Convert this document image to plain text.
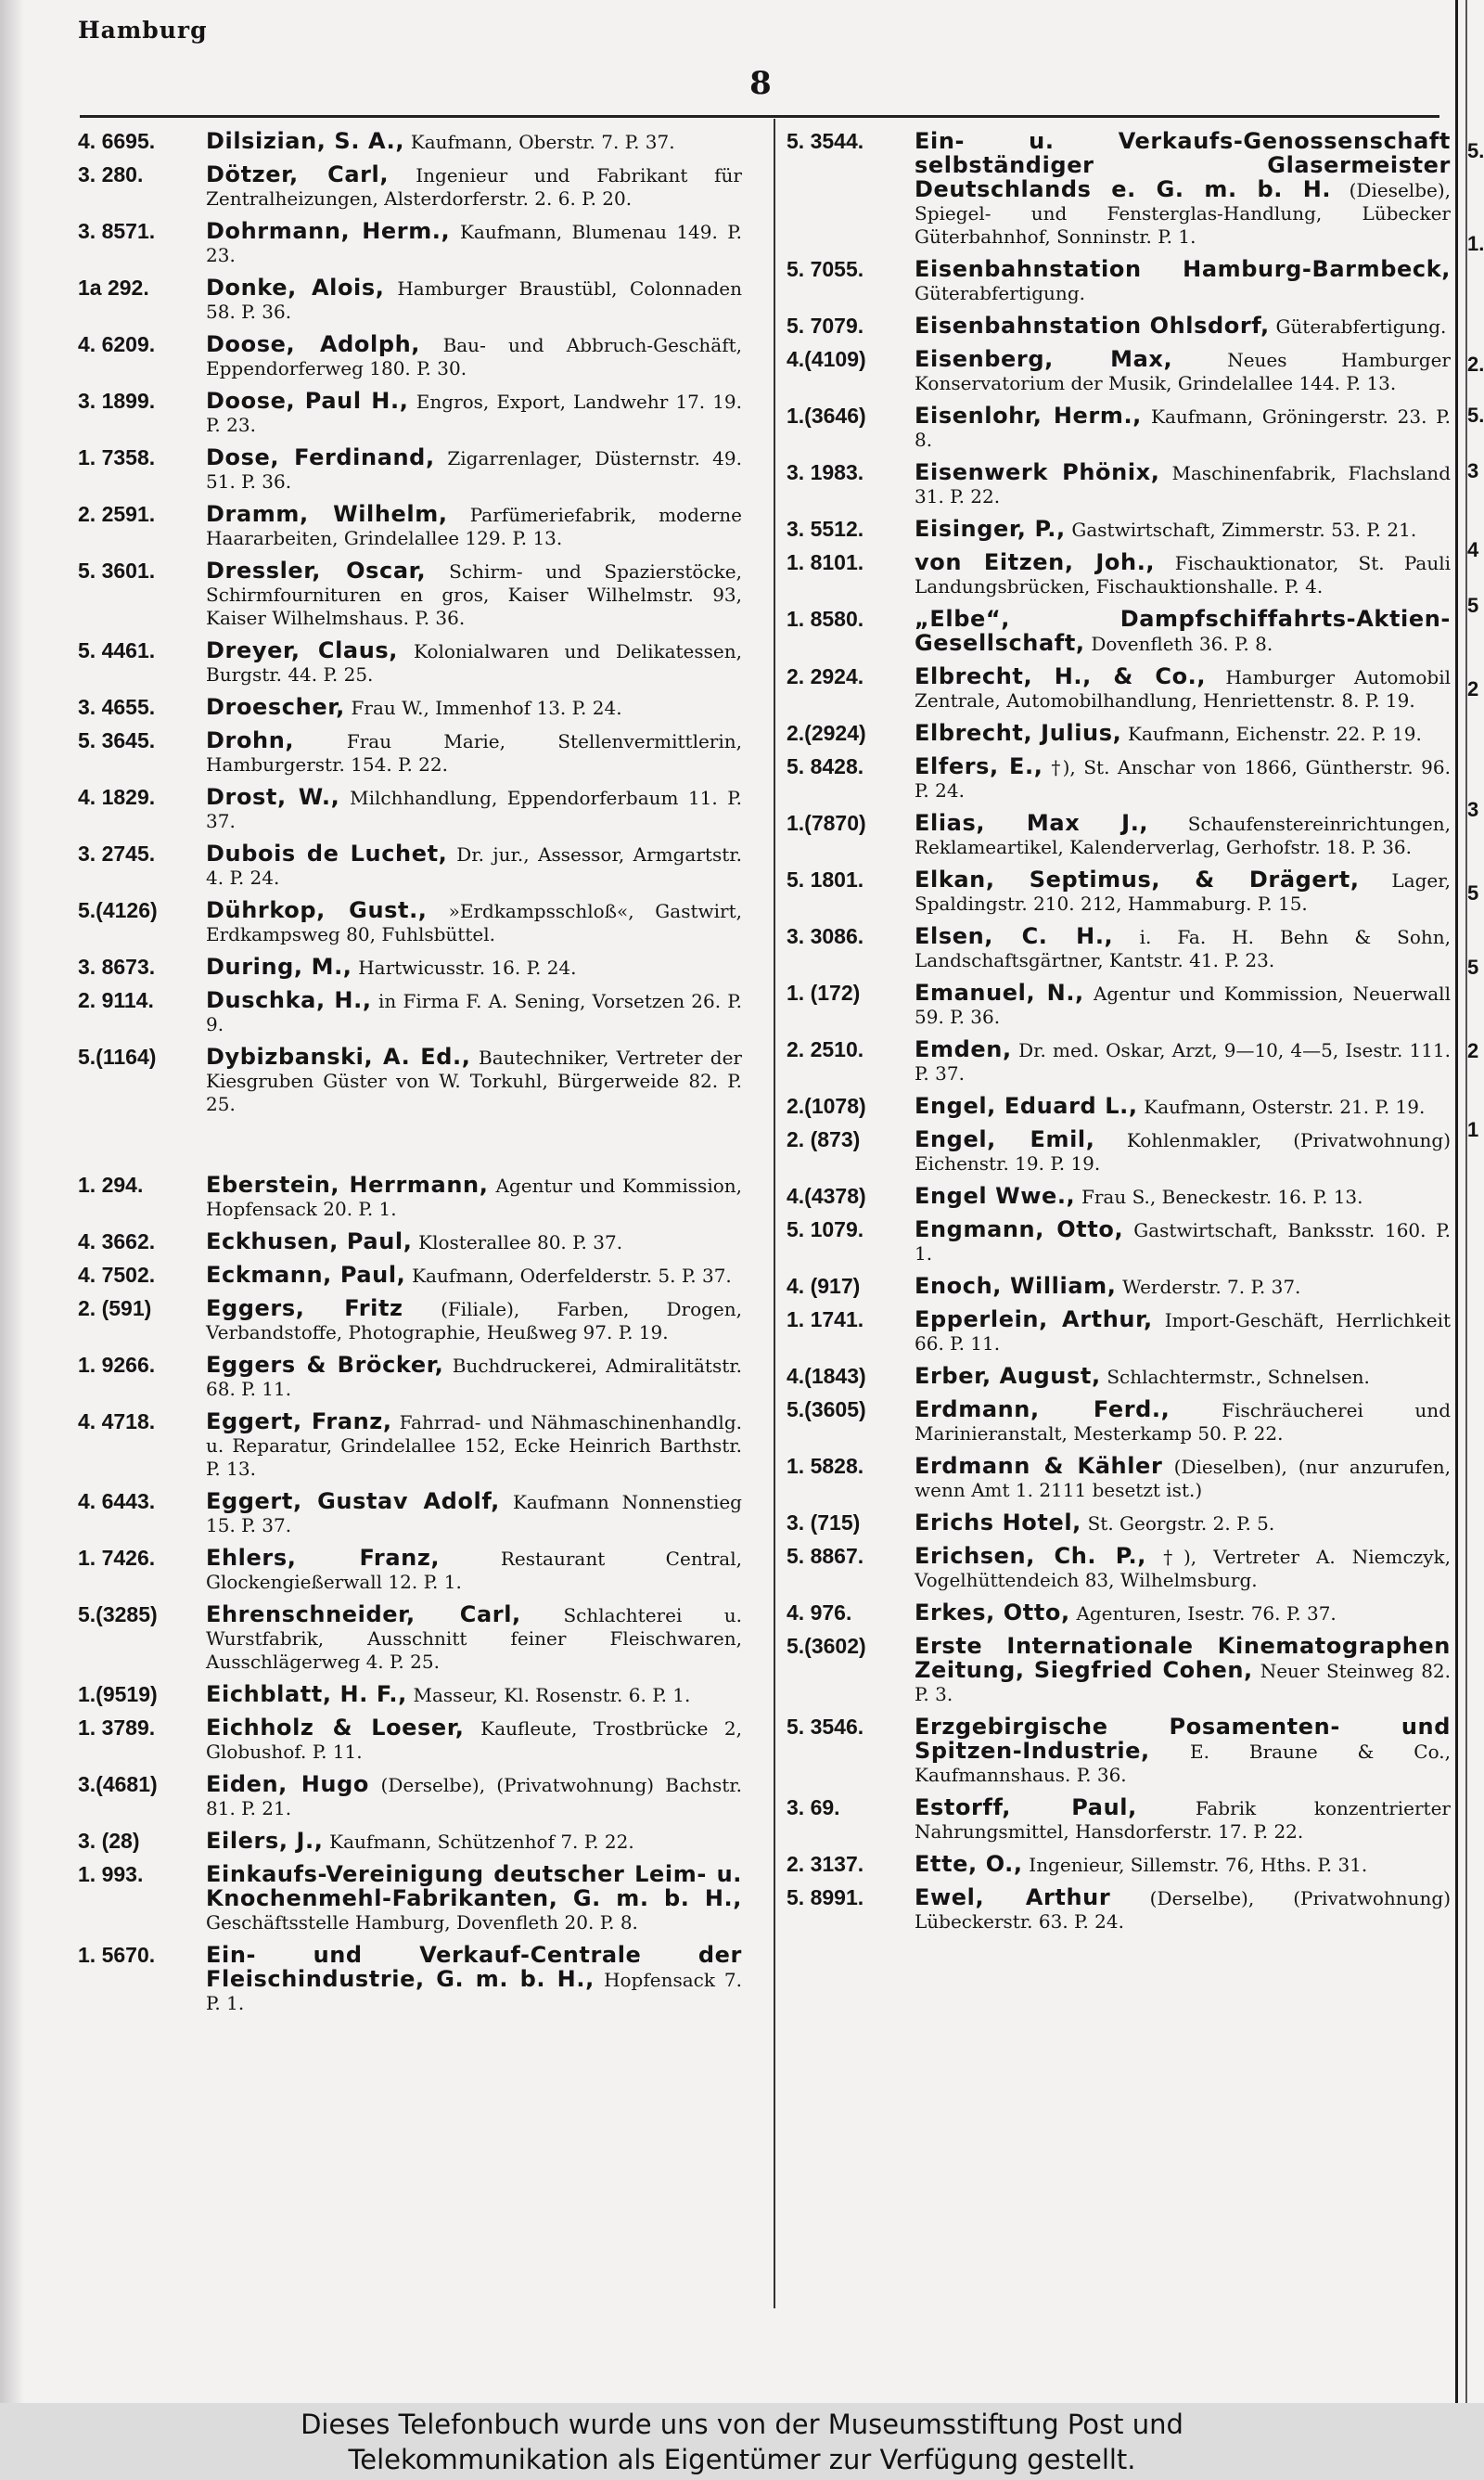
Hamburg
8
4. 6695.	Dilsizian, S. A., Kaufmann, Oberstr. 7. P. 37.
3. 280.	Dötzer, Carl, Ingenieur und Fabrikant für Zentralheizungen, Alsterdorferstr. 2. 6. P. 20.
3. 8571.	Dohrmann, Herm., Kaufmann, Blumenau 149. P. 23.
1a 292.	Donke, Alois, Hamburger Braustübl, Colonnaden 58. P. 36.
4. 6209.	Doose, Adolph, Bau- und Abbruch-Geschäft, Eppendorferweg 180. P. 30.
3. 1899.	Doose, Paul H., Engros, Export, Landwehr 17. 19. P. 23.
1. 7358.	Dose, Ferdinand, Zigarrenlager, Düsternstr. 49. 51. P. 36.
2. 2591.	Dramm, Wilhelm, Parfümeriefabrik, moderne Haararbeiten, Grindelallee 129. P. 13.
5. 3601.	Dressler, Oscar, Schirm- und Spazierstöcke, Schirmfournituren en gros, Kaiser Wilhelmstr. 93, Kaiser Wilhelmshaus. P. 36.
5. 4461.	Dreyer, Claus, Kolonialwaren und Delikatessen, Burgstr. 44. P. 25.
3. 4655.	Droescher, Frau W., Immenhof 13. P. 24.
5. 3645.	Drohn,	Frau Marie, Stellenvermittlerin, Hamburgerstr. 154. P. 22.
4. 1829.	Drost, W., Milchhandlung, Eppendorferbaum 11. P. 37.
3. 2745.	Dubois de Luchet, Dr. jur., Assessor, Armgartstr. 4. P. 24.
5.(4126)	Dührkop, Gust., »Erdkampsschloß«, Gastwirt, Erdkampsweg 80, Fuhlsbüttel.
3. 8673.	During, M., Hartwicusstr. 16. P. 24.
2. 9114.	Duschka, H., in Firma F. A. Sening, Vorsetzen 26. P. 9.
5.(1164)	Dybizbanski, A. Ed., Bautechniker, Vertreter der Kiesgruben Güster von W. Torkuhl, Bürgerweide 82. P. 25.
1. 294.	Eberstein, Herrmann, Agentur und Kommission, Hopfensack 20. P. 1.
4. 3662.	Eckhusen, Paul, Klosterallee 80. P. 37.
4. 7502.	Eckmann, Paul, Kaufmann, Oderfelderstr. 5. P. 37.
2. (591)	Eggers, Fritz (Filiale), Farben, Drogen, Verbandstoffe, Photographie, Heußweg 97. P. 19.
1. 9266.	Eggers & Bröcker, Buchdruckerei, Admiralitätstr. 68. P. 11.
4. 4718.	Eggert, Franz, Fahrrad- und Nähmaschinenhandlg. u. Reparatur, Grindelallee 152, Ecke Heinrich Barthstr. P. 13.
4. 6443.	Eggert, Gustav Adolf, Kaufmann Nonnenstieg 15. P. 37.
1. 7426.	Ehlers, Franz,	Restaurant Central, Glockengießerwall 12. P. 1.
5.(3285)	Ehrenschneider, Carl, Schlachterei u. Wurstfabrik, Ausschnitt feiner Fleischwaren, Ausschlägerweg 4. P. 25.
1.(9519)	Eichblatt, H. F., Masseur, Kl. Rosenstr. 6. P. 1.
1. 3789.	Eichholz & Loeser, Kaufleute, Trostbrücke 2, Globushof. P. 11.
3.(4681)	Eiden, Hugo (Derselbe), (Privatwohnung) Bachstr. 81. P. 21.
3. (28)	Eilers, J., Kaufmann, Schützenhof 7. P. 22.
1. 993.	Einkaufs-Vereinigung deutscher Leim- u. Knochenmehl-Fabrikanten, G. m. b. H., Geschäftsstelle Hamburg, Dovenfleth 20. P. 8.
1. 5670.	Ein- und Verkauf-Centrale der Fleischindustrie, G. m. b. H., Hopfensack 7. P. 1.
5. 3544.	Ein- u. Verkaufs-Genossenschaft selbständiger Glasermeister Deutschlands e. G. m. b. H. (Dieselbe), Spiegel- und Fensterglas-Handlung, Lübecker Güterbahnhof, Sonninstr. P. 1.
5. 7055.	Eisenbahnstation Hamburg-Barmbeck, Güterabfertigung.
5. 7079.	Eisenbahnstation Ohlsdorf, Güterabfertigung.
4.(4109)	Eisenberg, Max,	Neues Hamburger Konservatorium der Musik, Grindelallee 144. P. 13.
1.(3646)	Eisenlohr, Herm., Kaufmann, Gröningerstr. 23. P. 8.
3. 1983.	Eisenwerk Phönix, Maschinenfabrik, Flachsland 31. P. 22.
3. 5512.	Eisinger, P., Gastwirtschaft, Zimmerstr. 53. P. 21.
1. 8101.	von Eitzen, Joh., Fischauktionator, St. Pauli Landungsbrücken, Fischauktionshalle. P. 4.
1. 8580.	„Elbe“, Dampfschiffahrts-Aktien-Gesellschaft, Dovenfleth 36. P. 8.
2. 2924.	Elbrecht, H., & Co., Hamburger Automobil Zentrale, Automobilhandlung, Henriettenstr. 8. P. 19.
2.(2924)	Elbrecht, Julius, Kaufmann, Eichenstr. 22. P. 19.
5. 8428.	Elfers, E., †), St. Anschar von 1866, Güntherstr. 96. P. 24.
1.(7870)	Elias, Max J., Schaufenstereinrichtungen, Reklameartikel, Kalenderverlag, Gerhofstr. 18. P. 36.
5. 1801.	Elkan, Septimus, & Drägert, Lager, Spaldingstr. 210. 212, Hammaburg. P. 15.
3. 3086.	Elsen, C. H., i. Fa. H. Behn & Sohn, Landschaftsgärtner, Kantstr. 41. P. 23.
1. (172)	Emanuel, N., Agentur und Kommission, Neuerwall 59. P. 36.
2. 2510.	Emden, Dr. med. Oskar, Arzt, 9—10, 4—5, Isestr. 111. P. 37.
2.(1078)	Engel, Eduard L., Kaufmann, Osterstr. 21. P. 19.
2. (873)	Engel, Emil, Kohlenmakler, (Privatwohnung) Eichenstr. 19. P. 19.
4.(4378)	Engel Wwe., Frau S., Beneckestr. 16. P. 13.
5. 1079.	Engmann, Otto, Gastwirtschaft, Banksstr. 160. P. 1.
4. (917)	Enoch, William, Werderstr. 7. P. 37.
1. 1741.	Epperlein, Arthur, Import-Geschäft, Herrlichkeit 66. P. 11.
4.(1843)	Erber, August, Schlachtermstr., Schnelsen.
5.(3605)	Erdmann, Ferd.,	Fischräucherei und Marinieranstalt, Mesterkamp 50. P. 22.
1. 5828.	Erdmann & Kähler (Dieselben), (nur anzurufen, wenn Amt 1. 2111 besetzt ist.)
3. (715)	Erichs Hotel, St. Georgstr. 2. P. 5.
5. 8867.	Erichsen, Ch. P., †), Vertreter A. Niemczyk, Vogelhüttendeich 83, Wilhelmsburg.
4. 976.	Erkes, Otto, Agenturen, Isestr. 76. P. 37.
5.(3602)	Erste Internationale Kinematographen Zeitung, Siegfried Cohen, Neuer Steinweg 82. P. 3.
5. 3546.	Erzgebirgische Posamenten- und Spitzen-Industrie, E. Braune & Co., Kaufmannshaus. P. 36.
3. 69.	Estorff, Paul,	Fabrik konzentrierter Nahrungsmittel, Hansdorferstr. 17. P. 22.
2. 3137.	Ette, O., Ingenieur, Sillemstr. 76, Hths. P. 31.
5. 8991.	Ewel, Arthur (Derselbe), (Privatwohnung) Lübeckerstr. 63. P. 24.
5.
1.
2.
5.
3
4
5
2
3
5
5
2
1
Dieses Telefonbuch wurde uns von der Museumsstiftung Post und
Telekommunikation als Eigentümer zur Verfügung gestellt.
